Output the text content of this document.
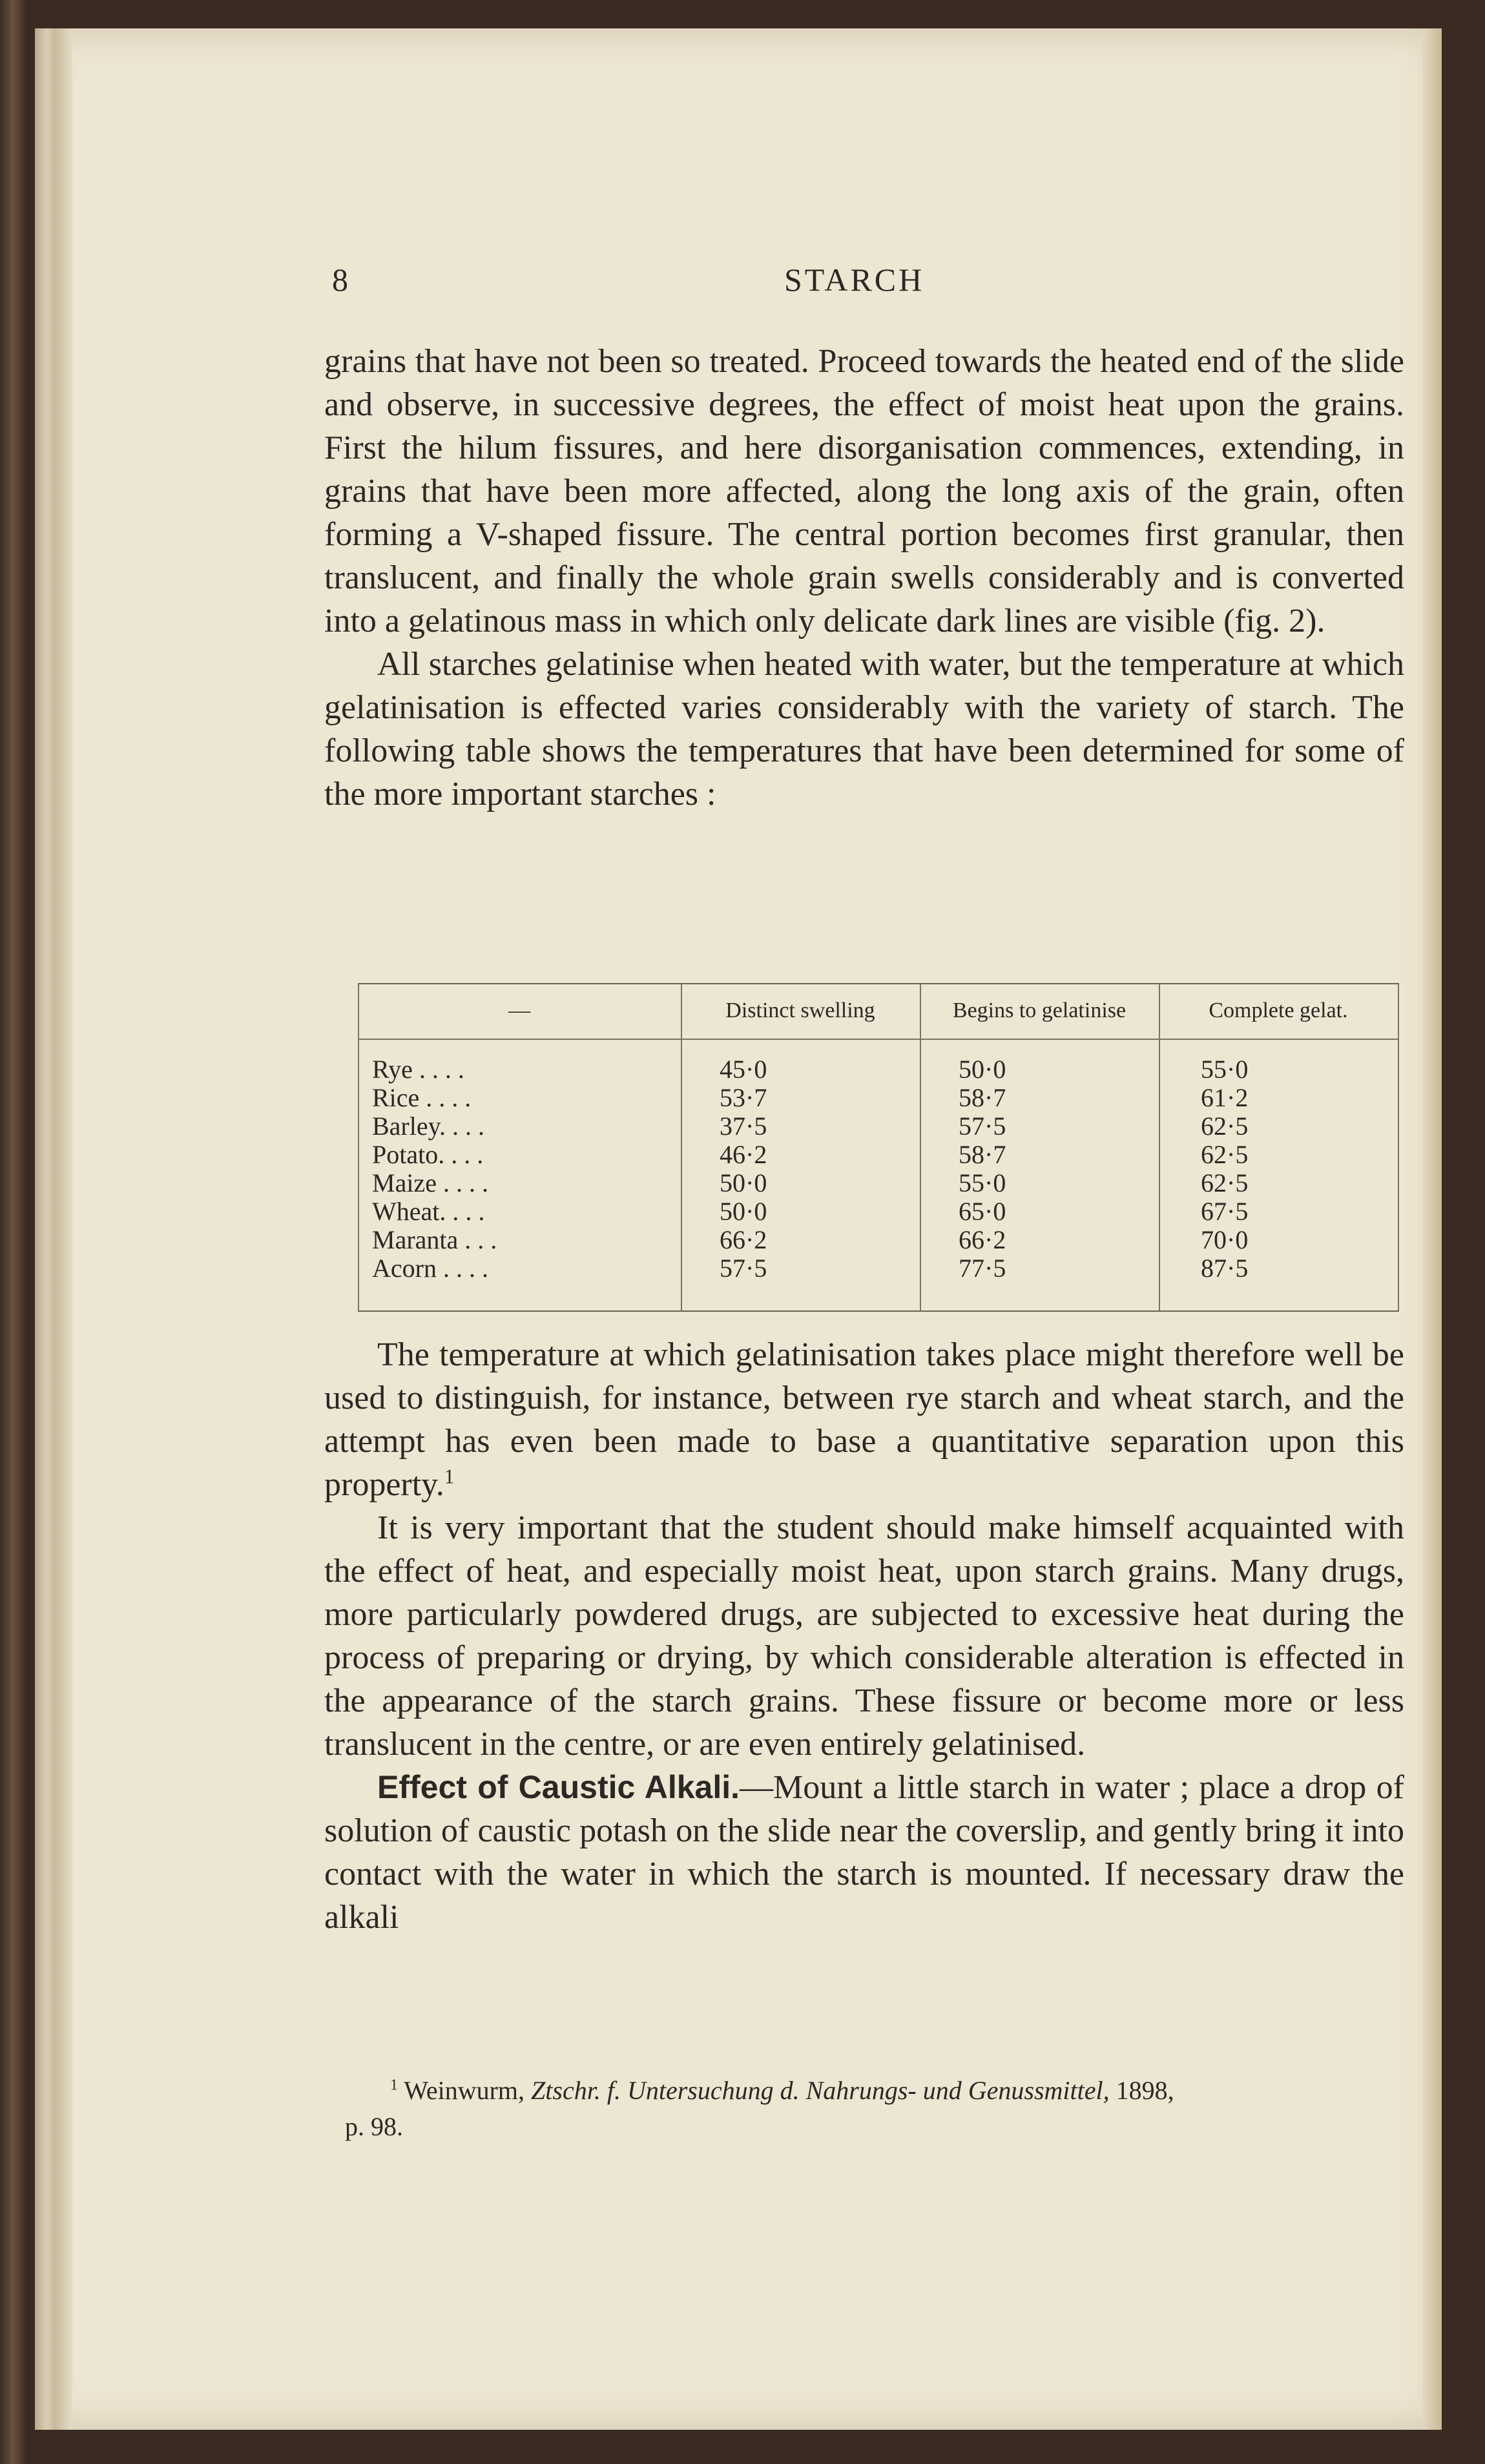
8	STARCH

grains that have not been so treated. Proceed towards the heated end of the slide and observe, in successive degrees, the effect of moist heat upon the grains. First the hilum fissures, and here disorganisation commences, extending, in grains that have been more affected, along the long axis of the grain, often forming a V-shaped fissure. The central portion becomes first granular, then translucent, and finally the whole grain swells considerably and is converted into a gelatinous mass in which only delicate dark lines are visible (fig. 2).

All starches gelatinise when heated with water, but the temperature at which gelatinisation is effected varies considerably with the variety of starch. The following table shows the temperatures that have been determined for some of the more important starches :

—	Distinct swelling	Begins to gelatinise	Complete gelat.
Rye . . . .	45·0	50·0	55·0
Rice . . . .	53·7	58·7	61·2
Barley. . . .	37·5	57·5	62·5
Potato. . . .	46·2	58·7	62·5
Maize . . . .	50·0	55·0	62·5
Wheat. . . .	50·0	65·0	67·5
Maranta . . .	66·2	66·2	70·0
Acorn . . . .	57·5	77·5	87·5

The temperature at which gelatinisation takes place might therefore well be used to distinguish, for instance, between rye starch and wheat starch, and the attempt has even been made to base a quantitative separation upon this property.$^1$

It is very important that the student should make himself acquainted with the effect of heat, and especially moist heat, upon starch grains. Many drugs, more particularly powdered drugs, are subjected to excessive heat during the process of preparing or drying, by which considerable alteration is effected in the appearance of the starch grains. These fissure or become more or less translucent in the centre, or are even entirely gelatinised.

Effect of Caustic Alkali.—Mount a little starch in water ; place a drop of solution of caustic potash on the slide near the coverslip, and gently bring it into contact with the water in which the starch is mounted. If necessary draw the alkali

$^1$ Weinwurm, Ztschr. f. Untersuchung d. Nahrungs- und Genussmittel, 1898,
p. 98.
